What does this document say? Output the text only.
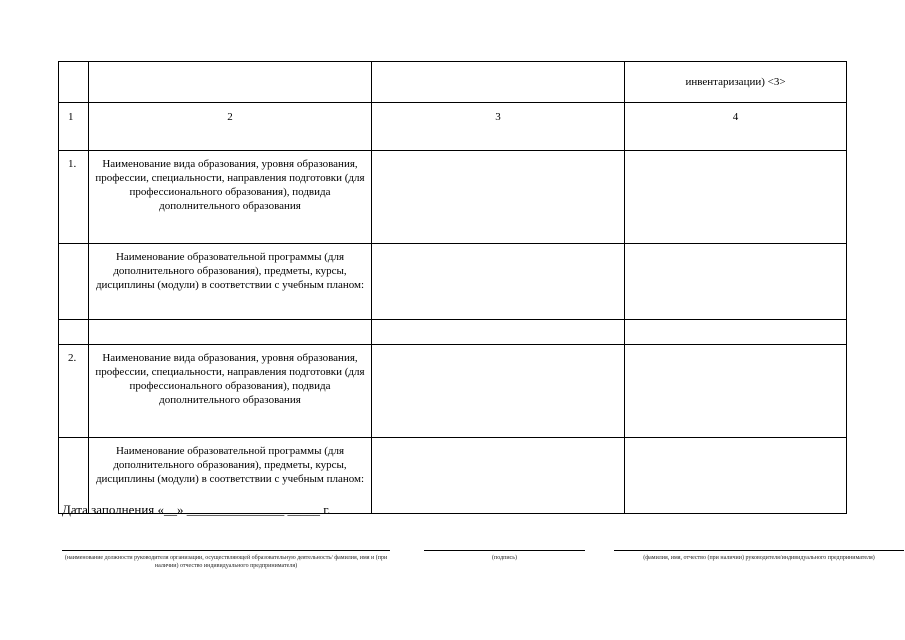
			инвентаризации) <3>
1	2	3	4
1.	Наименование вида образования, уровня образования, профессии, специальности, направления подготовки (для профессионального образования), подвида дополнительного образования		
	Наименование образовательной программы (для дополнительного образования), предметы, курсы, дисциплины (модули) в соответствии с учебным планом:		

2.	Наименование вида образования, уровня образования, профессии, специальности, направления подготовки (для профессионального образования), подвида дополнительного образования		
	Наименование образовательной программы (для дополнительного образования), предметы, курсы, дисциплины (модули) в соответствии с учебным планом:		
Дата заполнения «__» _______________ _____ г.
(наименование должности руководителя организации, осуществляющей образовательную деятельность/ фамилия, имя и (при наличии) отчество индивидуального предпринимателя)
(подпись)	(фамилия, имя, отчество (при наличии) руководителя/индивидуального предпринимателя)
